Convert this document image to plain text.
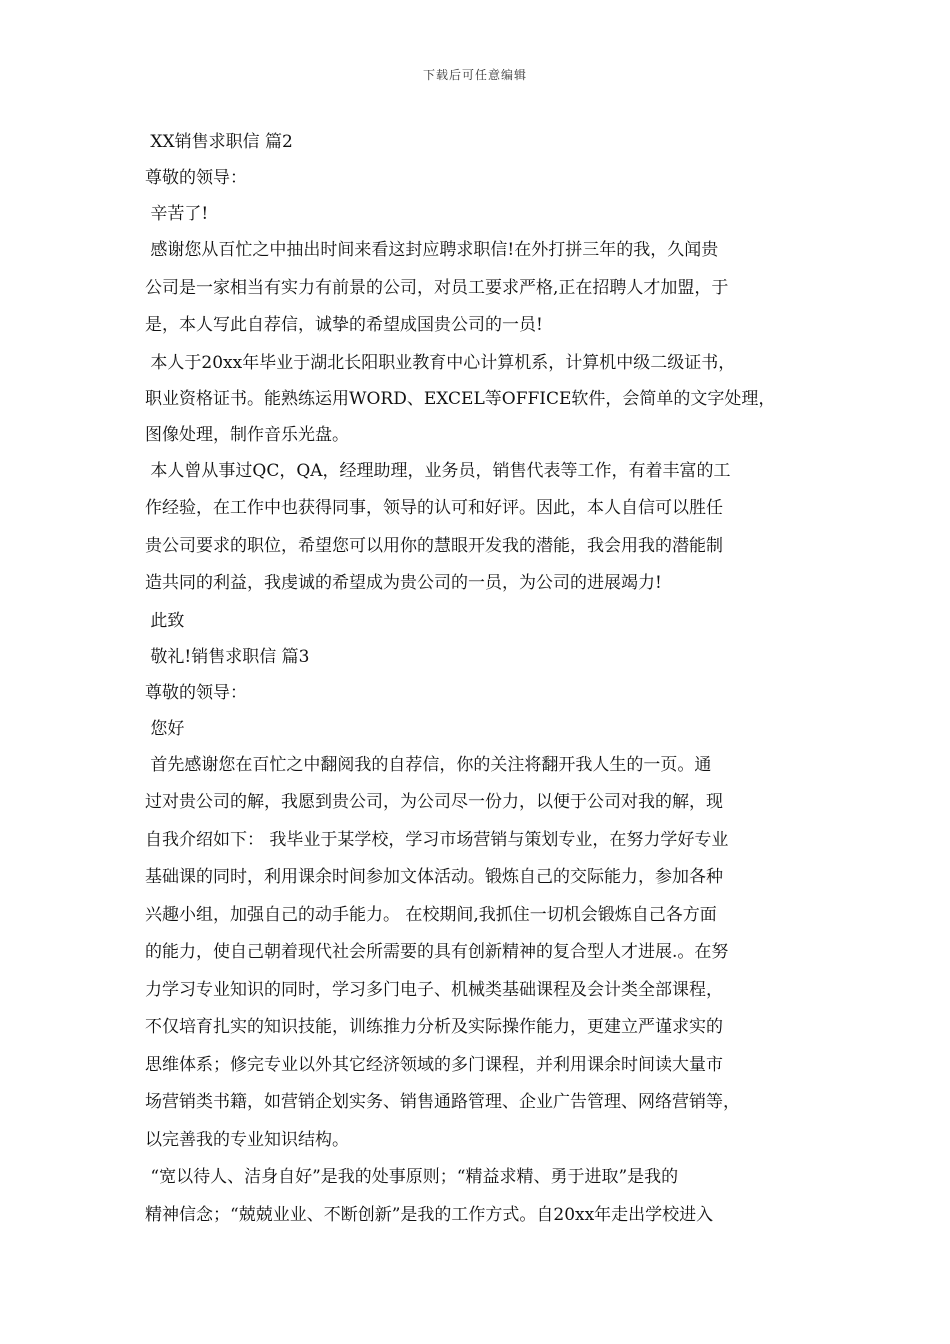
下载后可任意编辑
XX销售求职信 篇2
尊敬的领导：
辛苦了!
感谢您从百忙之中抽出时间来看这封应聘求职信!在外打拼三年的我，久闻贵
公司是一家相当有实力有前景的公司，对员工要求严格,正在招聘人才加盟，于
是，本人写此自荐信，诚挚的希望成国贵公司的一员!
本人于20xx年毕业于湖北长阳职业教育中心计算机系，计算机中级二级证书，
职业资格证书。能熟练运用WORD、EXCEL等OFFICE软件，会简单的文字处理，
图像处理，制作音乐光盘。
本人曾从事过QC，QA，经理助理，业务员，销售代表等工作，有着丰富的工
作经验，在工作中也获得同事，领导的认可和好评。因此，本人自信可以胜任
贵公司要求的职位，希望您可以用你的慧眼开发我的潜能，我会用我的潜能制
造共同的利益，我虔诚的希望成为贵公司的一员，为公司的进展竭力!
此致
敬礼!销售求职信 篇3
尊敬的领导：
您好
首先感谢您在百忙之中翻阅我的自荐信，你的关注将翻开我人生的一页。通
过对贵公司的解，我愿到贵公司，为公司尽一份力，以便于公司对我的解，现
自我介绍如下： 我毕业于某学校，学习市场营销与策划专业，在努力学好专业
基础课的同时，利用课余时间参加文体活动。锻炼自己的交际能力，参加各种
兴趣小组，加强自己的动手能力。 在校期间,我抓住一切机会锻炼自己各方面
的能力，使自己朝着现代社会所需要的具有创新精神的复合型人才进展.。在努
力学习专业知识的同时，学习多门电子、机械类基础课程及会计类全部课程，
不仅培育扎实的知识技能，训练推力分析及实际操作能力，更建立严谨求实的
思维体系；修完专业以外其它经济领域的多门课程，并利用课余时间读大量市
场营销类书籍，如营销企划实务、销售通路管理、企业广告管理、网络营销等，
以完善我的专业知识结构。
“宽以待人、洁身自好”是我的处事原则；“精益求精、勇于进取”是我的
精神信念；“兢兢业业、不断创新”是我的工作方式。自20xx年走出学校进入
